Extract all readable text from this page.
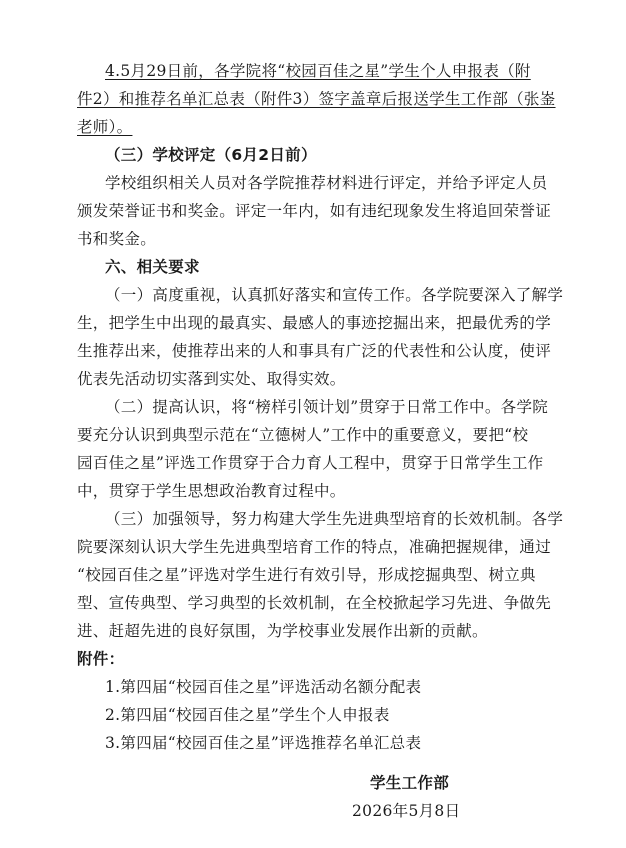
4.5月29日前，各学院将“校园百佳之星”学生个人申报表（附
件2）和推荐名单汇总表（附件3）签字盖章后报送学生工作部（张崟
老师）。
（三）学校评定（6月2日前）
学校组织相关人员对各学院推荐材料进行评定，并给予评定人员
颁发荣誉证书和奖金。评定一年内，如有违纪现象发生将追回荣誉证
书和奖金。
六、相关要求
（一）高度重视，认真抓好落实和宣传工作。各学院要深入了解学
生，把学生中出现的最真实、最感人的事迹挖掘出来，把最优秀的学
生推荐出来，使推荐出来的人和事具有广泛的代表性和公认度，使评
优表先活动切实落到实处、取得实效。
（二）提高认识，将“榜样引领计划”贯穿于日常工作中。各学院
要充分认识到典型示范在“立德树人”工作中的重要意义，要把“校
园百佳之星”评选工作贯穿于合力育人工程中，贯穿于日常学生工作
中，贯穿于学生思想政治教育过程中。
（三）加强领导，努力构建大学生先进典型培育的长效机制。各学
院要深刻认识大学生先进典型培育工作的特点，准确把握规律，通过
“校园百佳之星”评选对学生进行有效引导，形成挖掘典型、树立典
型、宣传典型、学习典型的长效机制，在全校掀起学习先进、争做先
进、赶超先进的良好氛围，为学校事业发展作出新的贡献。
附件：
1.第四届“校园百佳之星”评选活动名额分配表
2.第四届“校园百佳之星”学生个人申报表
3.第四届“校园百佳之星”评选推荐名单汇总表
学生工作部
2026年5月8日
